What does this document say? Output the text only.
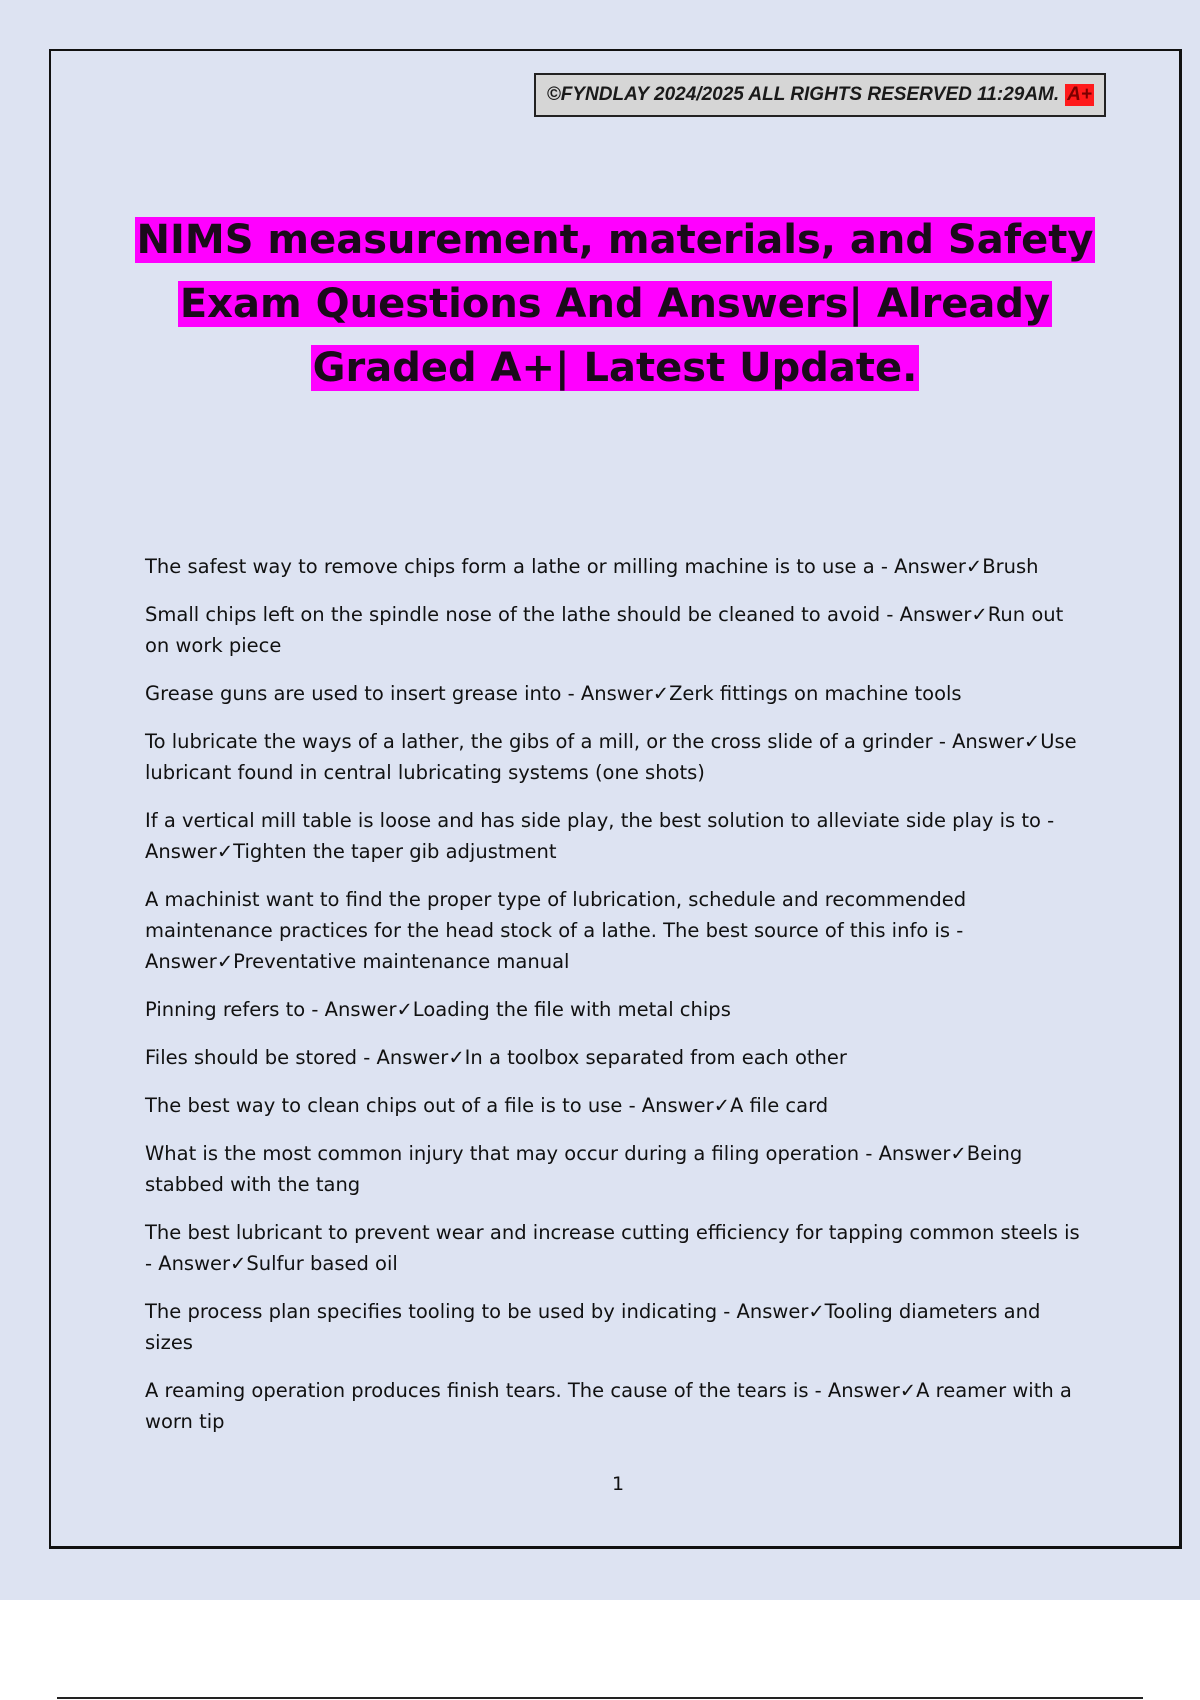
©FYNDLAY 2024/2025 ALL RIGHTS RESERVED 11:29AM. A+
NIMS measurement, materials, and Safety
Exam Questions And Answers| Already
Graded A+| Latest Update.

The safest way to remove chips form a lathe or milling machine is to use a - Answer✓Brush

Small chips left on the spindle nose of the lathe should be cleaned to avoid - Answer✓Run out on work piece

Grease guns are used to insert grease into - Answer✓Zerk fittings on machine tools

To lubricate the ways of a lather, the gibs of a mill, or the cross slide of a grinder - Answer✓Use lubricant found in central lubricating systems (one shots)

If a vertical mill table is loose and has side play, the best solution to alleviate side play is to - Answer✓Tighten the taper gib adjustment

A machinist want to find the proper type of lubrication, schedule and recommended maintenance practices for the head stock of a lathe. The best source of this info is - Answer✓Preventative maintenance manual

Pinning refers to - Answer✓Loading the file with metal chips

Files should be stored - Answer✓In a toolbox separated from each other

The best way to clean chips out of a file is to use - Answer✓A file card

What is the most common injury that may occur during a filing operation - Answer✓Being stabbed with the tang

The best lubricant to prevent wear and increase cutting efficiency for tapping common steels is - Answer✓Sulfur based oil

The process plan specifies tooling to be used by indicating - Answer✓Tooling diameters and sizes

A reaming operation produces finish tears. The cause of the tears is - Answer✓A reamer with a worn tip

1
